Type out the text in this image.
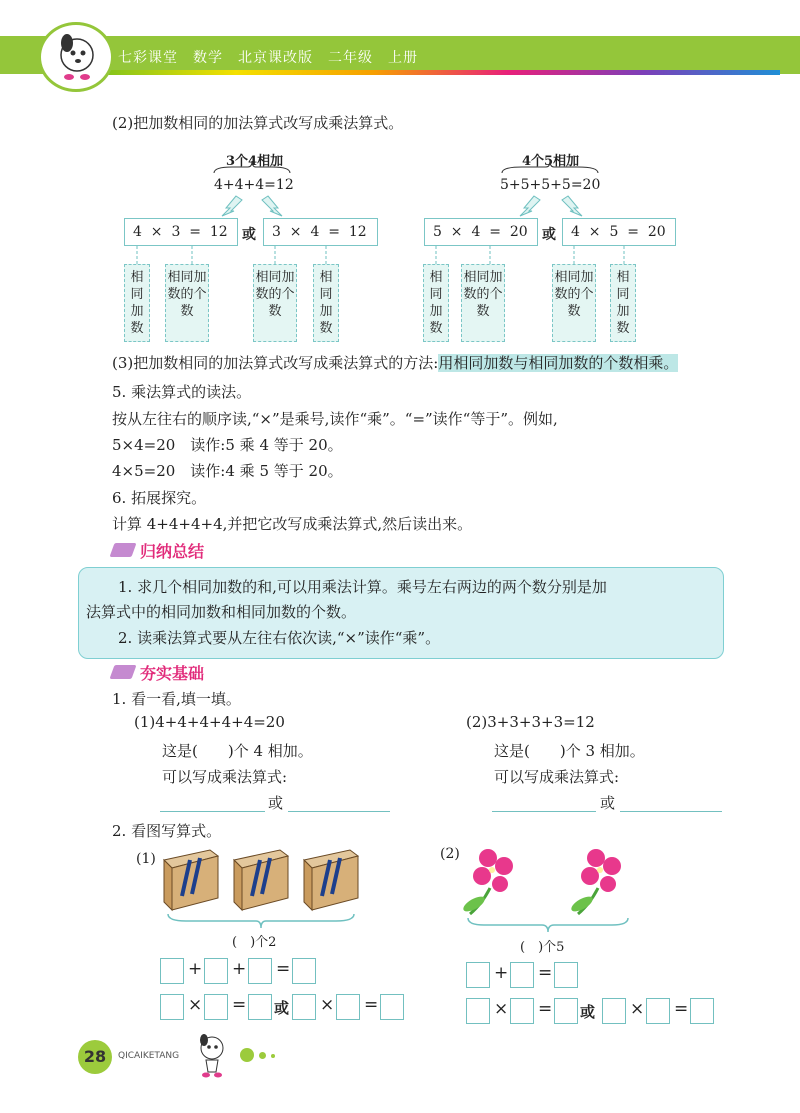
七彩课堂　数学　北京课改版　二年级　上册
(2)把加数相同的加法算式改写成乘法算式。
3个4相加
4+4+4=12
4  ×  3  =  12	或	3  ×  4  =  12
相同加数
相同加数的个数
相同加数的个数
相同加数
4个5相加
5+5+5+5=20
5  ×  4  =  20	或	4  ×  5  =  20
相同加数
相同加数的个数
相同加数的个数
相同加数
(3)把加数相同的加法算式改写成乘法算式的方法:用相同加数与相同加数的个数相乘。
5. 乘法算式的读法。
按从左往右的顺序读,“×”是乘号,读作“乘”。“=”读作“等于”。例如,
5×4=20　读作:5 乘 4 等于 20。
4×5=20　读作:4 乘 5 等于 20。
6. 拓展探究。
计算 4+4+4+4,并把它改写成乘法算式,然后读出来。
归纳总结
1. 求几个相同加数的和,可以用乘法计算。乘号左右两边的两个数分别是加
法算式中的相同加数和相同加数的个数。
2. 读乘法算式要从左往右依次读,“×”读作“乘”。
夯实基础
1. 看一看,填一填。
(1)4+4+4+4+4=20
这是(　　)个 4 相加。
可以写成乘法算式:
或
(2)3+3+3+3=12
这是(　　)个 3 相加。
可以写成乘法算式:
或
2. 看图写算式。
(1)
(　)个2
+ + =
× = 或 × =
(2)
(　)个5
+ =
× = 或 × =
28	QICAIKETANG
